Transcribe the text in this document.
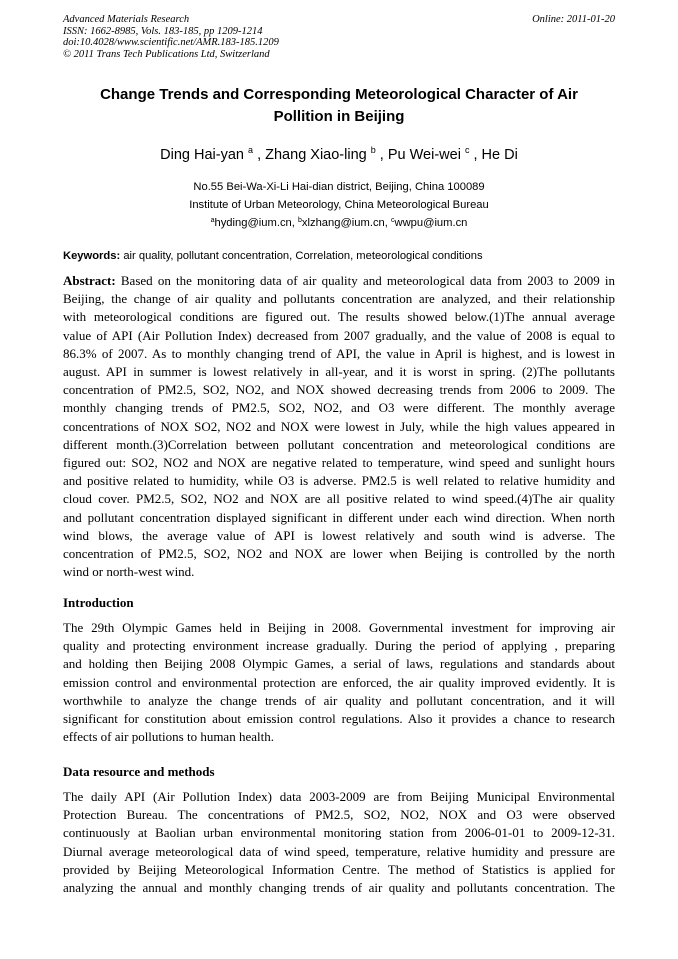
Advanced Materials Research
ISSN: 1662-8985, Vols. 183-185, pp 1209-1214
doi:10.4028/www.scientific.net/AMR.183-185.1209
© 2011 Trans Tech Publications Ltd, Switzerland
Online: 2011-01-20
Change Trends and Corresponding Meteorological Character of Air
Pollition in Beijing
Ding Hai-yan $^a$ , Zhang Xiao-ling $^b$ , Pu Wei-wei $^c$ , He Di
No.55 Bei-Wa-Xi-Li Hai-dian district, Beijing, China 100089
Institute of Urban Meteorology, China Meteorological Bureau
$^a$hyding@ium.cn, $^b$xlzhang@ium.cn, $^c$wwpu@ium.cn
Keywords: air quality, pollutant concentration, Correlation, meteorological conditions
Abstract: Based on the monitoring data of air quality and meteorological data from 2003 to 2009 in
Beijing, the change of air quality and pollutants concentration are analyzed, and their relationship
with meteorological conditions are figured out. The results showed below.(1)The annual average
value of API (Air Pollution Index) decreased from 2007 gradually, and the value of 2008 is equal to
86.3% of 2007. As to monthly changing trend of API, the value in April is highest, and is lowest in
august. API in summer is lowest relatively in all-year, and it is worst in spring. (2)The pollutants
concentration of PM2.5, SO2, NO2, and NOX showed decreasing trends from 2006 to 2009. The
monthly changing trends of PM2.5, SO2, NO2, and O3 were different. The monthly average
concentrations of NOX SO2, NO2 and NOX were lowest in July, while the high values appeared in
different month.(3)Correlation between pollutant concentration and meteorological conditions are
figured out: SO2, NO2 and NOX are negative related to temperature, wind speed and sunlight hours
and positive related to humidity, while O3 is adverse. PM2.5 is well related to relative humidity and
cloud cover. PM2.5, SO2, NO2 and NOX are all positive related to wind speed.(4)The air quality
and pollutant concentration displayed significant in different under each wind direction. When north
wind blows, the average value of API is lowest relatively and south wind is adverse. The
concentration of PM2.5, SO2, NO2 and NOX are lower when Beijing is controlled by the north
wind or north-west wind.
Introduction
The 29th Olympic Games held in Beijing in 2008. Governmental investment for improving air
quality and protecting environment increase gradually. During the period of applying , preparing
and holding then Beijing 2008 Olympic Games, a serial of laws, regulations and standards about
emission control and environmental protection are enforced, the air quality improved evidently. It is
worthwhile to analyze the change trends of air quality and pollutant concentration, and it will
significant for constitution about emission control regulations. Also it provides a chance to research
effects of air pollutions to human health.
Data resource and methods
The daily API (Air Pollution Index) data 2003-2009 are from Beijing Municipal Environmental
Protection Bureau. The concentrations of PM2.5, SO2, NO2, NOX and O3 were observed
continuously at Baolian urban environmental monitoring station from 2006-01-01 to 2009-12-31.
Diurnal average meteorological data of wind speed, temperature, relative humidity and pressure are
provided by Beijing Meteorological Information Centre. The method of Statistics is applied for
analyzing the annual and monthly changing trends of air quality and pollutants concentration. The
